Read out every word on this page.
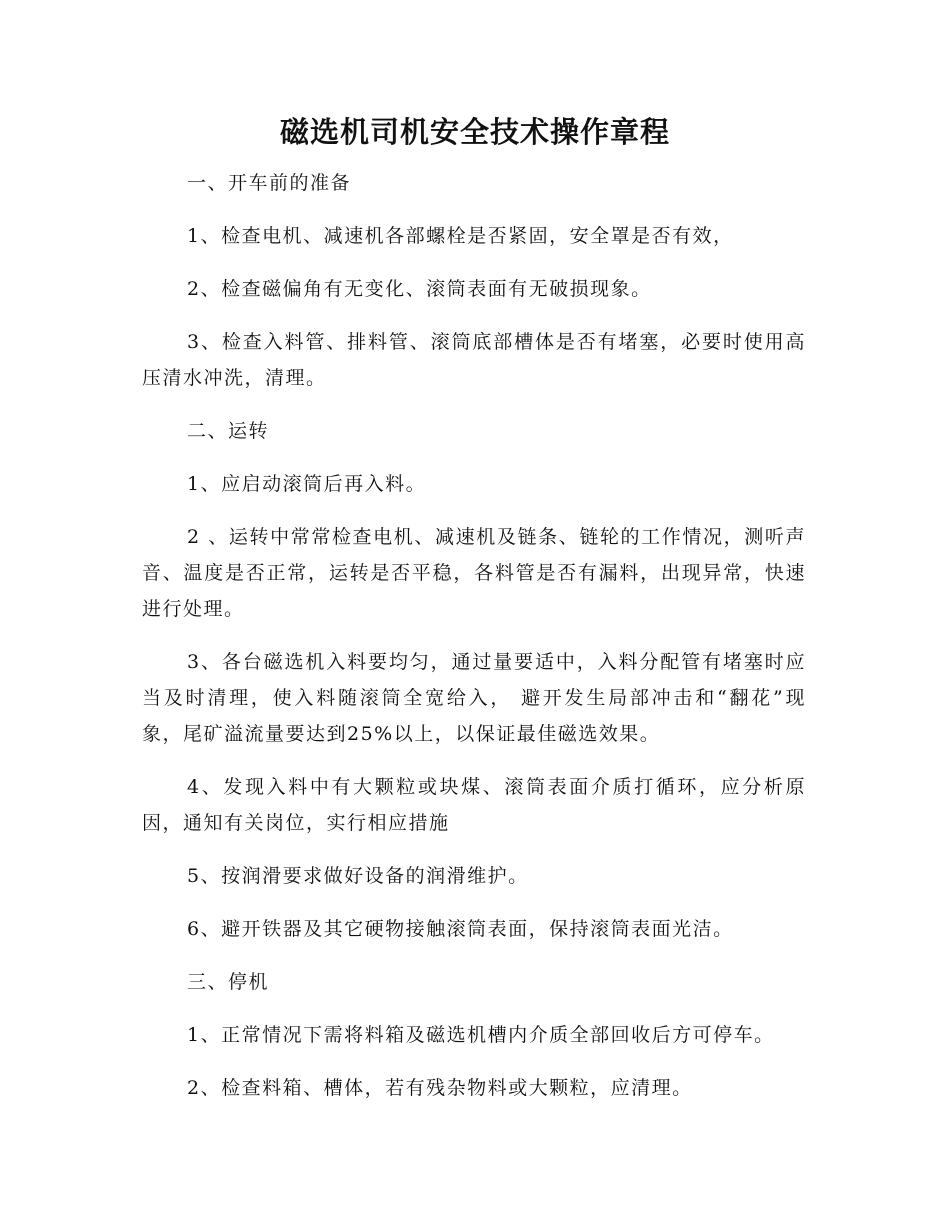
磁选机司机安全技术操作章程

一、开车前的准备

1、检查电机、减速机各部螺栓是否紧固，安全罩是否有效，

2、检查磁偏角有无变化、滚筒表面有无破损现象。

3、检查入料管、排料管、滚筒底部槽体是否有堵塞，必要时使用高压清水冲洗，清理。

二、运转

1、应启动滚筒后再入料。

2 、运转中常常检查电机、减速机及链条、链轮的工作情况，测听声音、温度是否正常，运转是否平稳，各料管是否有漏料，出现异常，快速进行处理。

3、各台磁选机入料要均匀，通过量要适中，入料分配管有堵塞时应当及时清理，使入料随滚筒全宽给入， 避开发生局部冲击和“翻花”现象，尾矿溢流量要达到25%以上，以保证最佳磁选效果。

4、发现入料中有大颗粒或块煤、滚筒表面介质打循环，应分析原因，通知有关岗位，实行相应措施

5、按润滑要求做好设备的润滑维护。

6、避开铁器及其它硬物接触滚筒表面，保持滚筒表面光洁。

三、停机

1、正常情况下需将料箱及磁选机槽内介质全部回收后方可停车。

2、检查料箱、槽体，若有残杂物料或大颗粒，应清理。
